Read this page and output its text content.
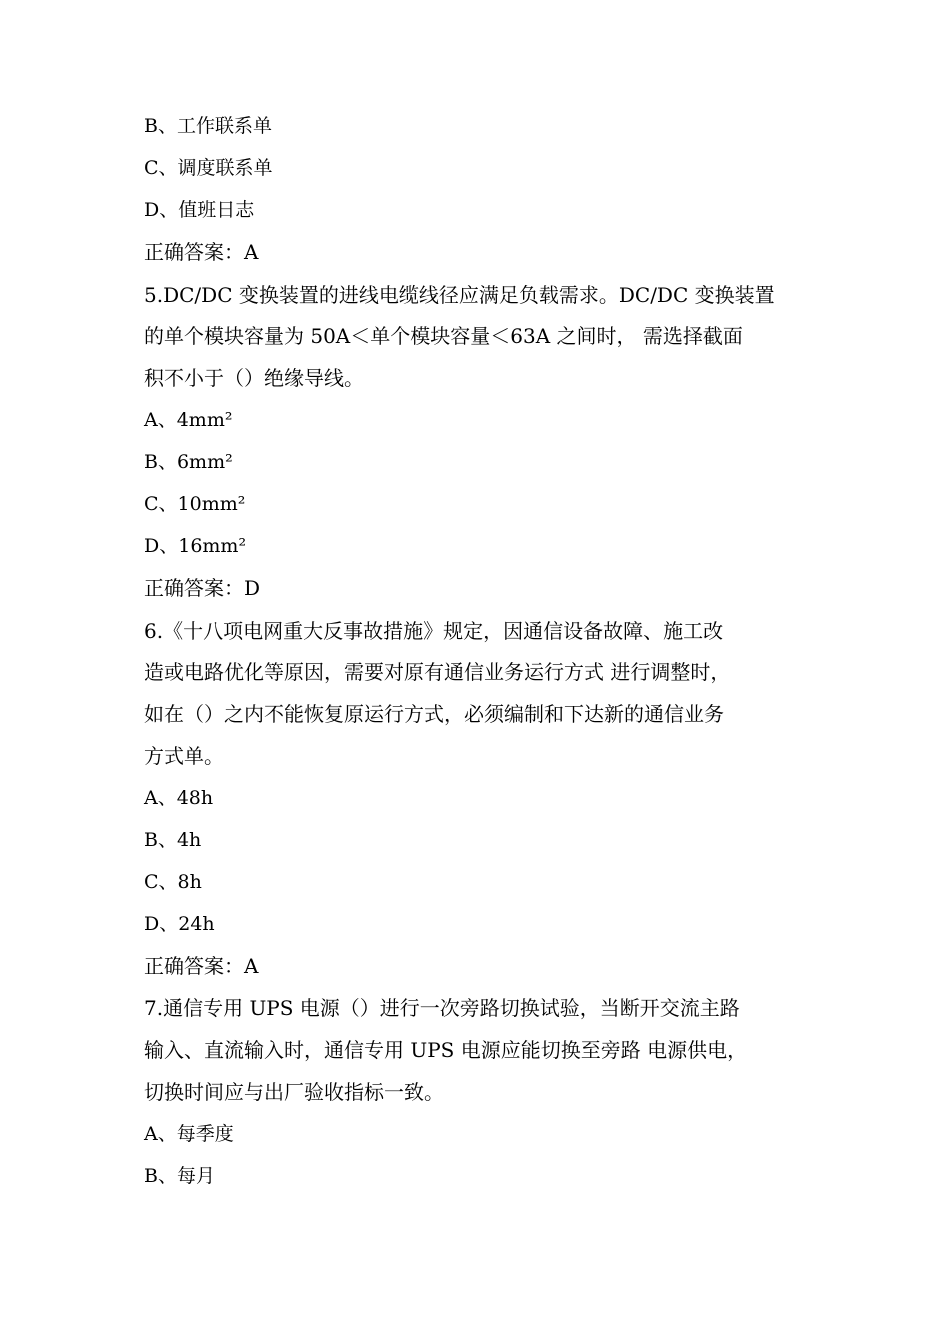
B、工作联系单
C、调度联系单
D、值班日志
正确答案：A
5.DC/DC 变换装置的进线电缆线径应满足负载需求。DC/DC 变换装置
的单个模块容量为 50A＜单个模块容量＜63A 之间时， 需选择截面
积不小于（）绝缘导线。
A、4mm²
B、6mm²
C、10mm²
D、16mm²
正确答案：D
6.《十八项电网重大反事故措施》规定，因通信设备故障、施工改
造或电路优化等原因，需要对原有通信业务运行方式 进行调整时，
如在（）之内不能恢复原运行方式，必须编制和下达新的通信业务
方式单。
A、48h
B、4h
C、8h
D、24h
正确答案：A
7.通信专用 UPS 电源（）进行一次旁路切换试验，当断开交流主路
输入、直流输入时，通信专用 UPS 电源应能切换至旁路 电源供电，
切换时间应与出厂验收指标一致。
A、每季度
B、每月
